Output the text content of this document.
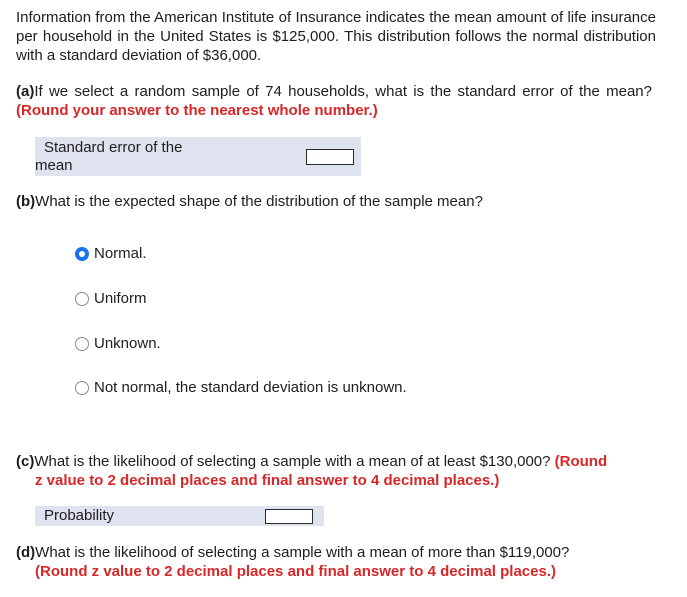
Information from the American Institute of Insurance indicates the mean amount of life insurance per household in the United States is $125,000. This distribution follows the normal distribution with a standard deviation of $36,000.
(a)If we select a random sample of 74 households, what is the standard error of the mean? (Round your answer to the nearest whole number.)
Standard error of the
mean
(b)What is the expected shape of the distribution of the sample mean?
Normal.
Uniform
Unknown.
Not normal, the standard deviation is unknown.
(c)What is the likelihood of selecting a sample with a mean of at least $130,000? (Round
z value to 2 decimal places and final answer to 4 decimal places.)
Probability
(d)What is the likelihood of selecting a sample with a mean of more than $119,000?
(Round z value to 2 decimal places and final answer to 4 decimal places.)
